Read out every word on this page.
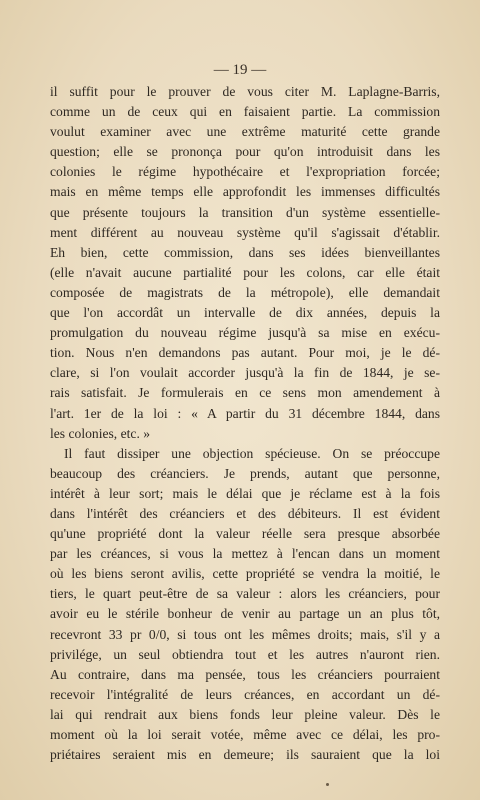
— 19 —
il suffit pour le prouver de vous citer M. Laplagne-Barris,
comme un de ceux qui en faisaient partie. La commission
voulut examiner avec une extrême maturité cette grande
question; elle se prononça pour qu'on introduisit dans les
colonies le régime hypothécaire et l'expropriation forcée;
mais en même temps elle approfondit les immenses difficultés
que présente toujours la transition d'un système essentielle-
ment différent au nouveau système qu'il s'agissait d'établir.
Eh bien, cette commission, dans ses idées bienveillantes
(elle n'avait aucune partialité pour les colons, car elle était
composée de magistrats de la métropole), elle demandait
que l'on accordât un intervalle de dix années, depuis la
promulgation du nouveau régime jusqu'à sa mise en exécu-
tion. Nous n'en demandons pas autant. Pour moi, je le dé-
clare, si l'on voulait accorder jusqu'à la fin de 1844, je se-
rais satisfait. Je formulerais en ce sens mon amendement à
l'art. 1er de la loi : « A partir du 31 décembre 1844, dans
les colonies, etc. »
Il faut dissiper une objection spécieuse. On se préoccupe
beaucoup des créanciers. Je prends, autant que personne,
intérêt à leur sort; mais le délai que je réclame est à la fois
dans l'intérêt des créanciers et des débiteurs. Il est évident
qu'une propriété dont la valeur réelle sera presque absorbée
par les créances, si vous la mettez à l'encan dans un moment
où les biens seront avilis, cette propriété se vendra la moitié, le
tiers, le quart peut-être de sa valeur : alors les créanciers, pour
avoir eu le stérile bonheur de venir au partage un an plus tôt,
recevront 33 pr 0/0, si tous ont les mêmes droits; mais, s'il y a
privilége, un seul obtiendra tout et les autres n'auront rien.
Au contraire, dans ma pensée, tous les créanciers pourraient
recevoir l'intégralité de leurs créances, en accordant un dé-
lai qui rendrait aux biens fonds leur pleine valeur. Dès le
moment où la loi serait votée, même avec ce délai, les pro-
priétaires seraient mis en demeure; ils sauraient que la loi
